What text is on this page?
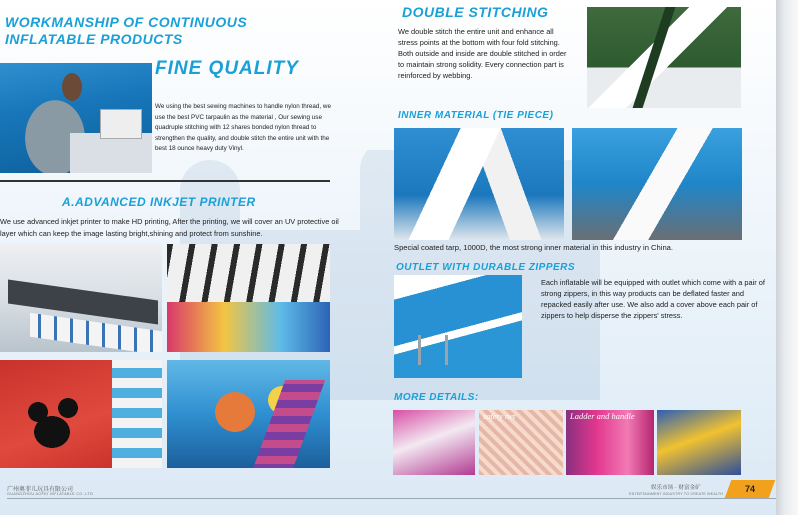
WORKMANSHIP OF CONTINUOUS
INFLATABLE PRODUCTS
FINE QUALITY

We using the best sewing machines to handle nylon thread, we use the best PVC tarpaulin as the material , Our sewing use quadruple stitching with 12 shares bonded nylon thread to strengthen the quality, and double stitch the entire unit with the best 18 ounce heavy duty Vinyl.

A.ADVANCED INKJET PRINTER

We use advanced inkjet printer to make HD printing, After the printing, we will cover an UV protective oil layer which can keep the image lasting bright,shining and protect from sunshine.

DOUBLE STITCHING

We double stitch the entire unit and enhance all stress points at the bottom with four fold stitching. Both outside and inside are double stitched in order to maintain strong solidity. Every connection part is reinforced by webbing.

INNER MATERIAL (TIE PIECE)

Special coated tarp, 1000D, the most strong inner material in this industry in China.

OUTLET WITH DURABLE ZIPPERS

Each inflatable will be equipped with outlet which come with a pair of strong zippers, in this way products can be deflated faster and repacked easily after use. We also add a cover above each pair of zippers to help disperse the zippers' stress.

MORE DETAILS:
safety net	Ladder and handle
广州奥菲儿玩具有限公司
GUANGZHOU AOFEI INFLATABLE CO.,LTD
娱乐市场 · 财富金矿
ENTERTAINMENT INDUSTRY TO CREATE WEALTH	74
